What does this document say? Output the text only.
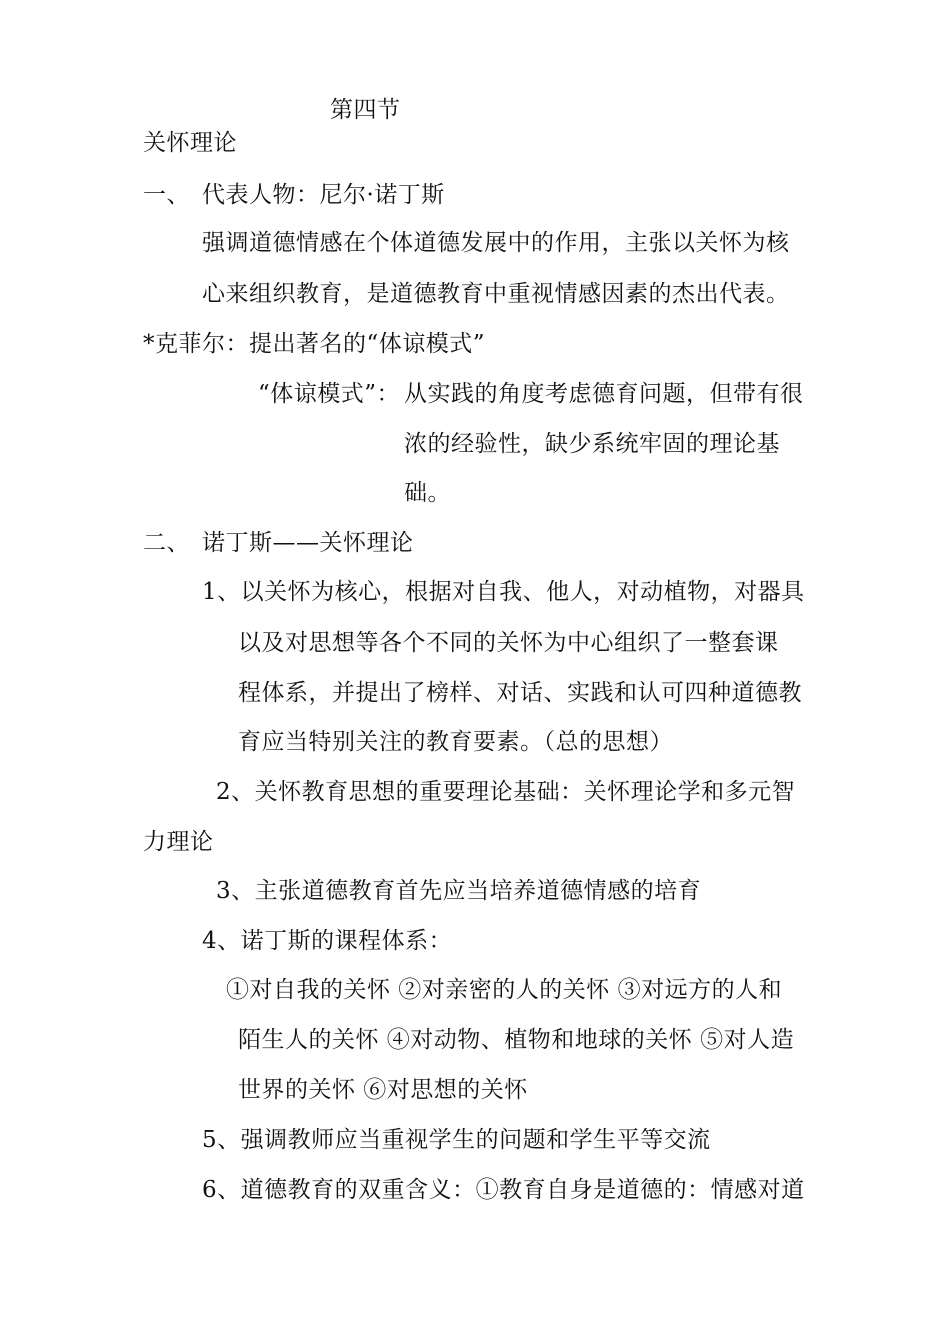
第四节
关怀理论
一、 代表人物：尼尔·诺丁斯
强调道德情感在个体道德发展中的作用，主张以关怀为核
心来组织教育，是道德教育中重视情感因素的杰出代表。
*克菲尔：提出著名的“体谅模式”
“体谅模式”： 从实践的角度考虑德育问题，但带有很
浓的经验性，缺少系统牢固的理论基
础。
二、 诺丁斯——关怀理论
1、以关怀为核心，根据对自我、他人，对动植物，对器具
以及对思想等各个不同的关怀为中心组织了一整套课
程体系，并提出了榜样、对话、实践和认可四种道德教
育应当特别关注的教育要素。（总的思想）
2、关怀教育思想的重要理论基础：关怀理论学和多元智
力理论
3、主张道德教育首先应当培养道德情感的培育
4、诺丁斯的课程体系：
①对自我的关怀 ②对亲密的人的关怀 ③对远方的人和
陌生人的关怀 ④对动物、植物和地球的关怀 ⑤对人造
世界的关怀 ⑥对思想的关怀
5、强调教师应当重视学生的问题和学生平等交流
6、道德教育的双重含义：①教育自身是道德的：情感对道
